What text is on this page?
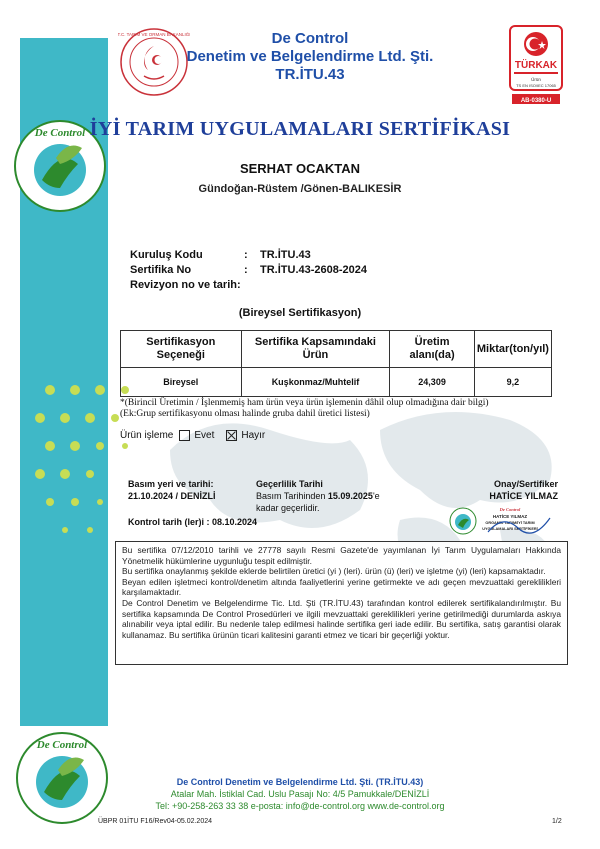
T.C. TARIM VE ORMAN BAKANLIĞI	De Control
Denetim ve Belgelendirme Ltd. Şti.
TR.İTU.43
TÜRKAK
Ürün
TS EN ISO/IEC 17065
AB-0380-U
De Control İYİ TARIM UYGULAMALARI SERTİFİKASI
SERHAT OCAKTAN
Gündoğan-Rüstem /Gönen-BALIKESİR
Kuruluş Kodu	: TR.İTU.43
Sertifika No	: TR.İTU.43-2608-2024
Revizyon no ve tarih:
(Bireysel Sertifikasyon)
Sertifikasyon Seçeneği	Sertifika Kapsamındaki Ürün	Üretim alanı(da)	Miktar(ton/yıl)
Bireysel	Kuşkonmaz/Muhtelif	24,309	9,2
*(Birincil Üretimin / İşlenmemiş ham ürün veya ürün işlemenin dâhil olup olmadığına dair bilgi)
(Ek:Grup sertifikasyonu olması halinde gruba dahil üretici listesi)
Ürün işleme Evet	Hayır
Basım yeri ve tarihi:
21.10.2024 / DENİZLİ
Geçerlilik Tarihi
Basım Tarihinden 15.09.2025'e
kadar geçerlidir.
Onay/Sertifiker
HATİCE YILMAZ
De Control
HATİCE YILMAZ
ORGANİK TARIM/İYİ TARIM
UYGULAMALARI SERTİFİKERİ
Kontrol tarih (ler)i : 08.10.2024

Bu sertifika 07/12/2010 tarihli ve 27778 sayılı Resmi Gazete'de yayımlanan İyi Tarım Uygulamaları Hakkında Yönetmelik hükümlerine uygunluğu tespit edilmiştir.

Bu sertifika onaylanmış şekilde eklerde belirtilen üretici (yi ) (leri). ürün (ü) (leri) ve işletme (yi) (leri) kapsamaktadır.

Beyan edilen işletmeci kontrol/denetim altında faaliyetlerini yerine getirmekte ve adı geçen mevzuattaki gereklilikleri karşılamaktadır.

De Control Denetim ve Belgelendirme Tic. Ltd. Şti (TR.İTU.43) tarafından kontrol edilerek sertifikalandırılmıştır. Bu sertifika kapsamında De Control Prosedürleri ve ilgili mevzuattaki gereklilikleri yerine getirilmediği durumlarda askıya alınabilir veya iptal edilir. Bu nedenle talep edilmesi halinde sertifika geri iade edilir. Bu sertifika, satış garantisi olarak kullanamaz. Bu sertifika ürünün ticari kalitesini garanti etmez ve ticari bir geçerliği yoktur.

De Control
De Control Denetim ve Belgelendirme Ltd. Şti. (TR.İTU.43)
Atalar Mah. İstiklal Cad. Uslu Pasajı No: 4/5 Pamukkale/DENİZLİ
Tel: +90-258-263 33 38 e-posta: info@de-control.org www.de-control.org
ÜBPR 01İTU F16/Rev04-05.02.2024	1/2
